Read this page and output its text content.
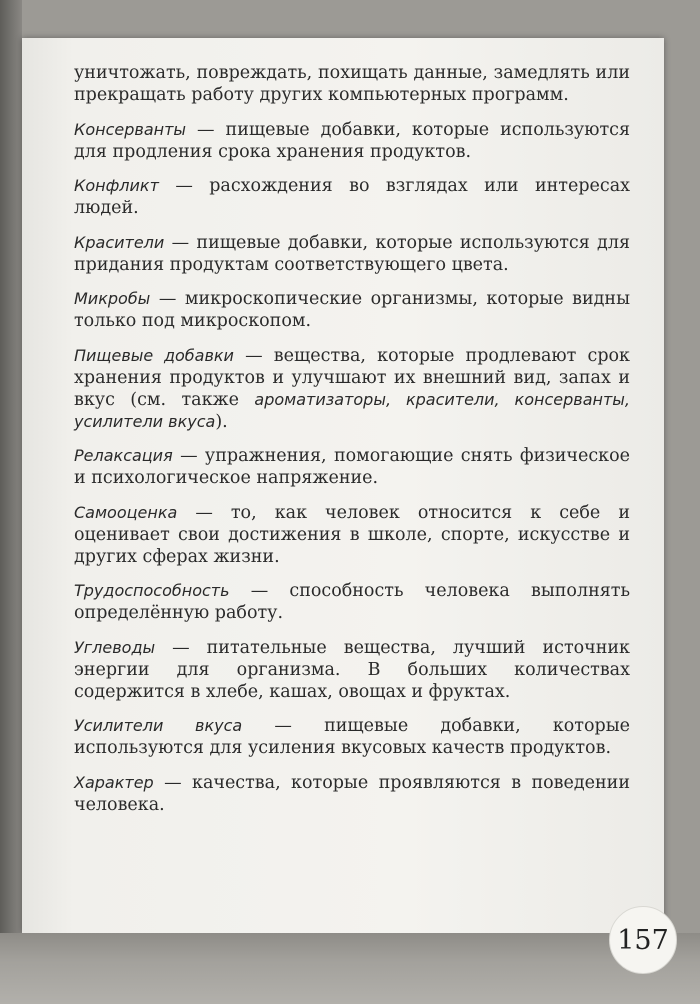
уничтожать, повреждать, похищать данные, замедлять или прекращать работу других компьютерных программ.

Консерванты — пищевые добавки, которые используются для продления срока хранения продуктов.

Конфликт — расхождения во взглядах или интересах людей.

Красители — пищевые добавки, которые используются для придания продуктам соответствующего цвета.

Микробы — микроскопические организмы, которые видны только под микроскопом.

Пищевые добавки — вещества, которые продлевают срок хранения продуктов и улучшают их внешний вид, запах и вкус (см. также ароматизаторы, красители, консерванты, усилители вкуса).

Релаксация — упражнения, помогающие снять физическое и психологическое напряжение.

Самооценка — то, как человек относится к себе и оценивает свои достижения в школе, спорте, искусстве и других сферах жизни.

Трудоспособность — способность человека выполнять определённую работу.

Углеводы — питательные вещества, лучший источник энергии для организма. В больших количествах содержится в хлебе, кашах, овощах и фруктах.

Усилители вкуса — пищевые добавки, которые используются для усиления вкусовых качеств продуктов.

Характер — качества, которые проявляются в поведении человека.

157
